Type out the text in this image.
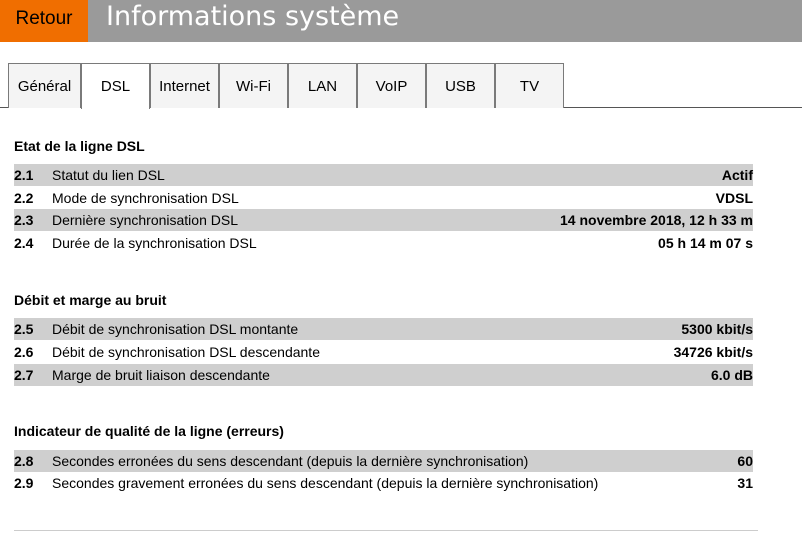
Retour	Informations système
Général	DSL	Internet	Wi-Fi	LAN	VoIP	USB	TV
Etat de la ligne DSL
2.1	Statut du lien DSL	Actif
2.2	Mode de synchronisation DSL	VDSL
2.3	Dernière synchronisation DSL	14 novembre 2018, 12 h 33 m
2.4	Durée de la synchronisation DSL	05 h 14 m 07 s
Débit et marge au bruit
2.5	Débit de synchronisation DSL montante	5300 kbit/s
2.6	Débit de synchronisation DSL descendante	34726 kbit/s
2.7	Marge de bruit liaison descendante	6.0 dB
Indicateur de qualité de la ligne (erreurs)
2.8	Secondes erronées du sens descendant (depuis la dernière synchronisation)	60
2.9	Secondes gravement erronées du sens descendant (depuis la dernière synchronisation)	31
